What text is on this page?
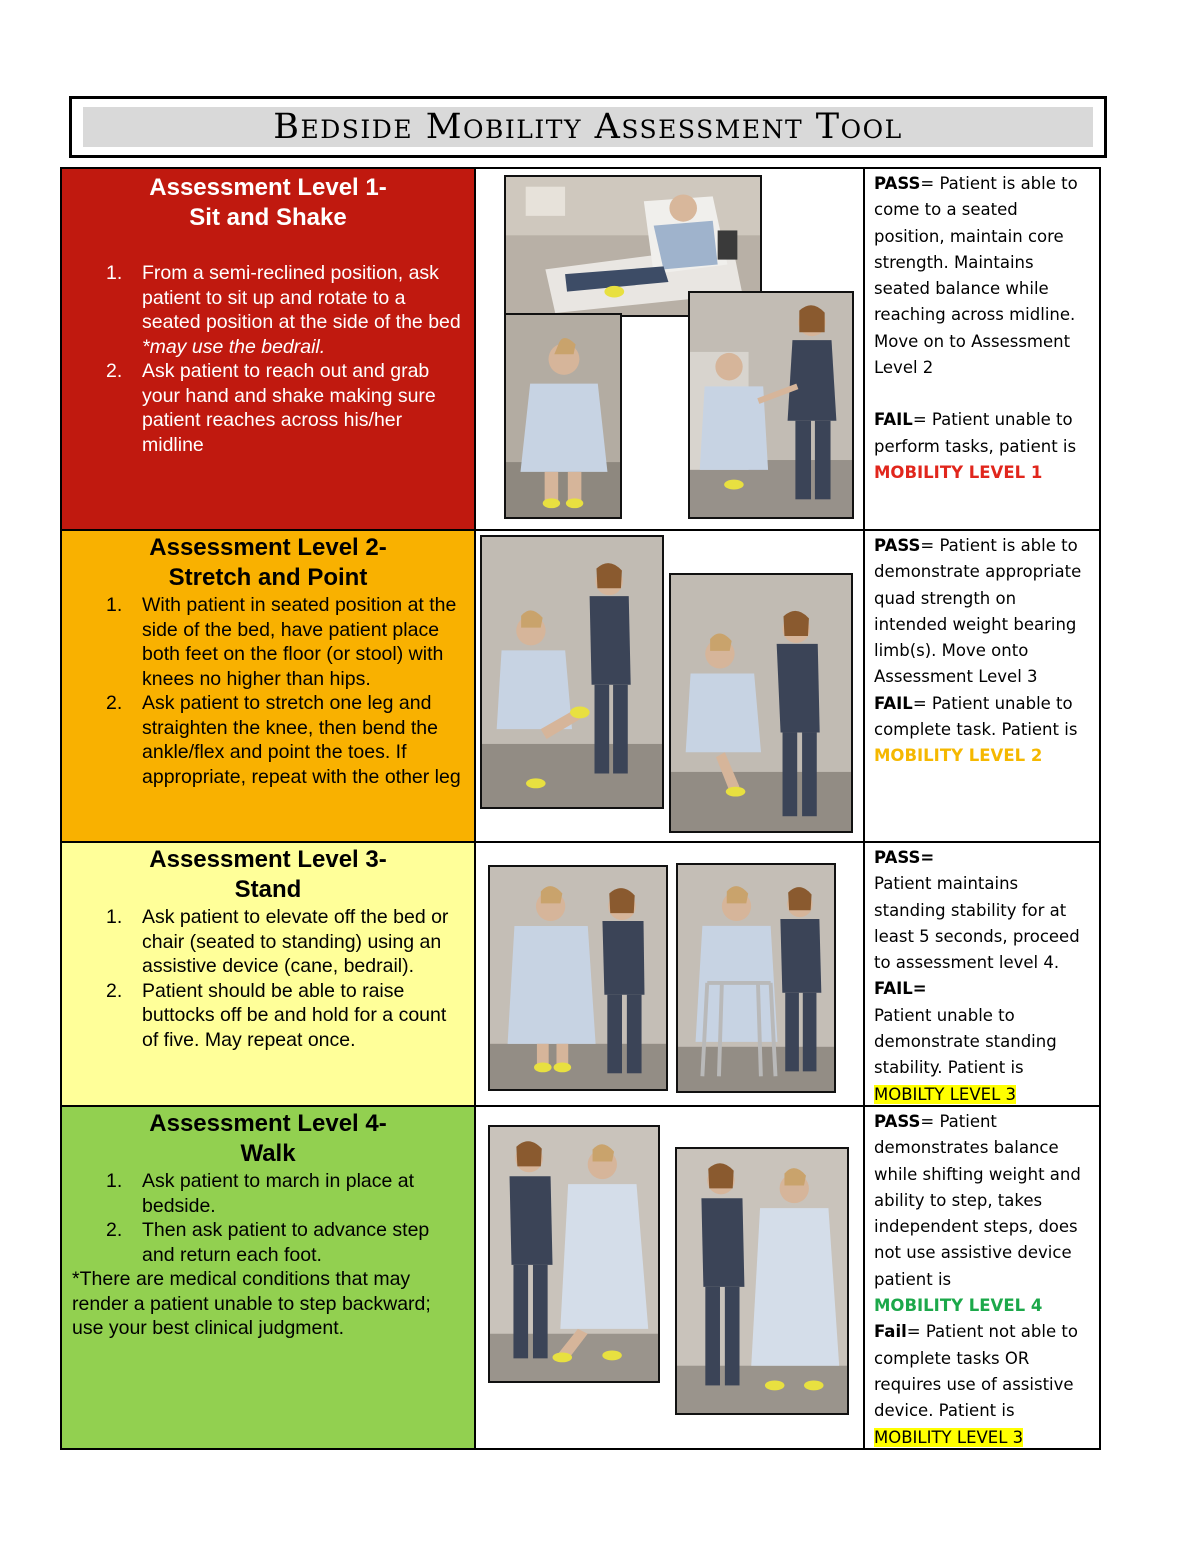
Bedside Mobility Assessment Tool
Assessment Level 1-
Sit and Shake
1. From a semi-reclined position, ask patient to sit up and rotate to a seated position at the side of the bed
*may use the bedrail.
2. Ask patient to reach out and grab your hand and shake making sure patient reaches across his/her midline
PASS= Patient is able to come to a seated position, maintain core strength. Maintains seated balance while reaching across midline. Move on to Assessment Level 2
FAIL= Patient unable to perform tasks, patient is
MOBILITY LEVEL 1
Assessment Level 2-
Stretch and Point
1. With patient in seated position at the side of the bed, have patient place both feet on the floor (or stool) with knees no higher than hips.
2. Ask patient to stretch one leg and straighten the knee, then bend the ankle/flex and point the toes. If appropriate, repeat with the other leg
PASS= Patient is able to demonstrate appropriate quad strength on intended weight bearing limb(s). Move onto Assessment Level 3
FAIL= Patient unable to complete task. Patient is
MOBILITY LEVEL 2
Assessment Level 3-
Stand
1. Ask patient to elevate off the bed or chair (seated to standing) using an assistive device (cane, bedrail).
2. Patient should be able to raise buttocks off be and hold for a count of five. May repeat once.
PASS=
Patient maintains standing stability for at least 5 seconds, proceed to assessment level 4.
FAIL=
Patient unable to demonstrate standing stability. Patient is
MOBILTY LEVEL 3
Assessment Level 4-
Walk
1. Ask patient to march in place at bedside.
2. Then ask patient to advance step and return each foot.
*There are medical conditions that may render a patient unable to step backward; use your best clinical judgment.
PASS= Patient demonstrates balance while shifting weight and ability to step, takes independent steps, does not use assistive device patient is
MOBILITY LEVEL 4
Fail= Patient not able to complete tasks OR requires use of assistive device. Patient is
MOBILITY LEVEL 3
